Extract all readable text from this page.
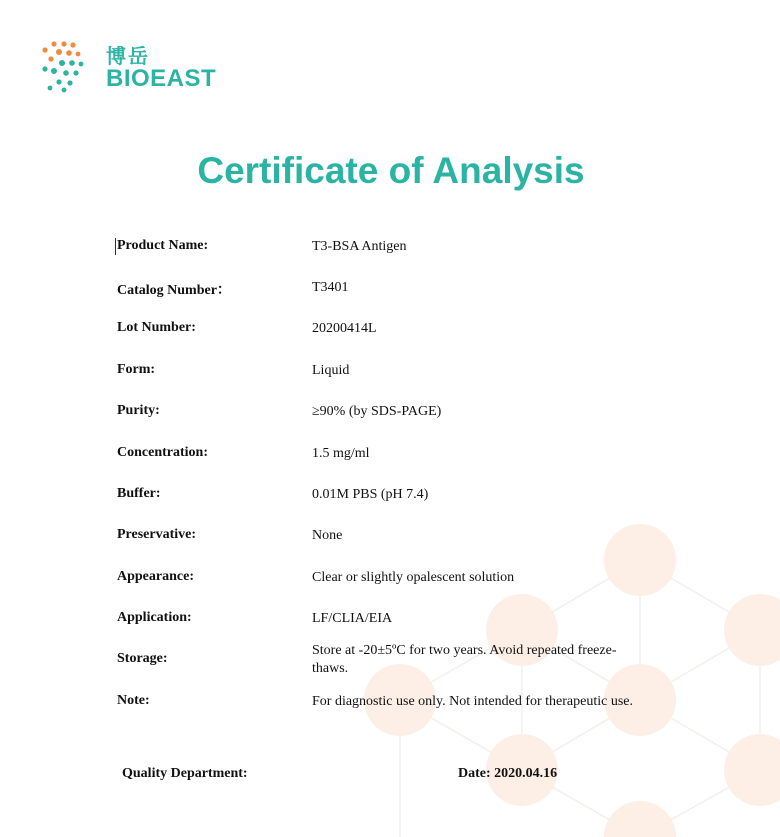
博岳
BIOEAST
Certificate of Analysis
Product Name:	T3-BSA Antigen
Catalog Number：	T3401
Lot Number:	20200414L
Form:	Liquid
Purity:	≥90% (by SDS-PAGE)
Concentration:	1.5 mg/ml
Buffer:	0.01M PBS (pH 7.4)
Preservative:	None
Appearance:	Clear or slightly opalescent solution
Application:	LF/CLIA/EIA
Storage:
Store at -20±5ºC for two years. Avoid repeated freeze-thaws.
Note:	For diagnostic use only. Not intended for therapeutic use.
Quality Department:	Date: 2020.04.16
